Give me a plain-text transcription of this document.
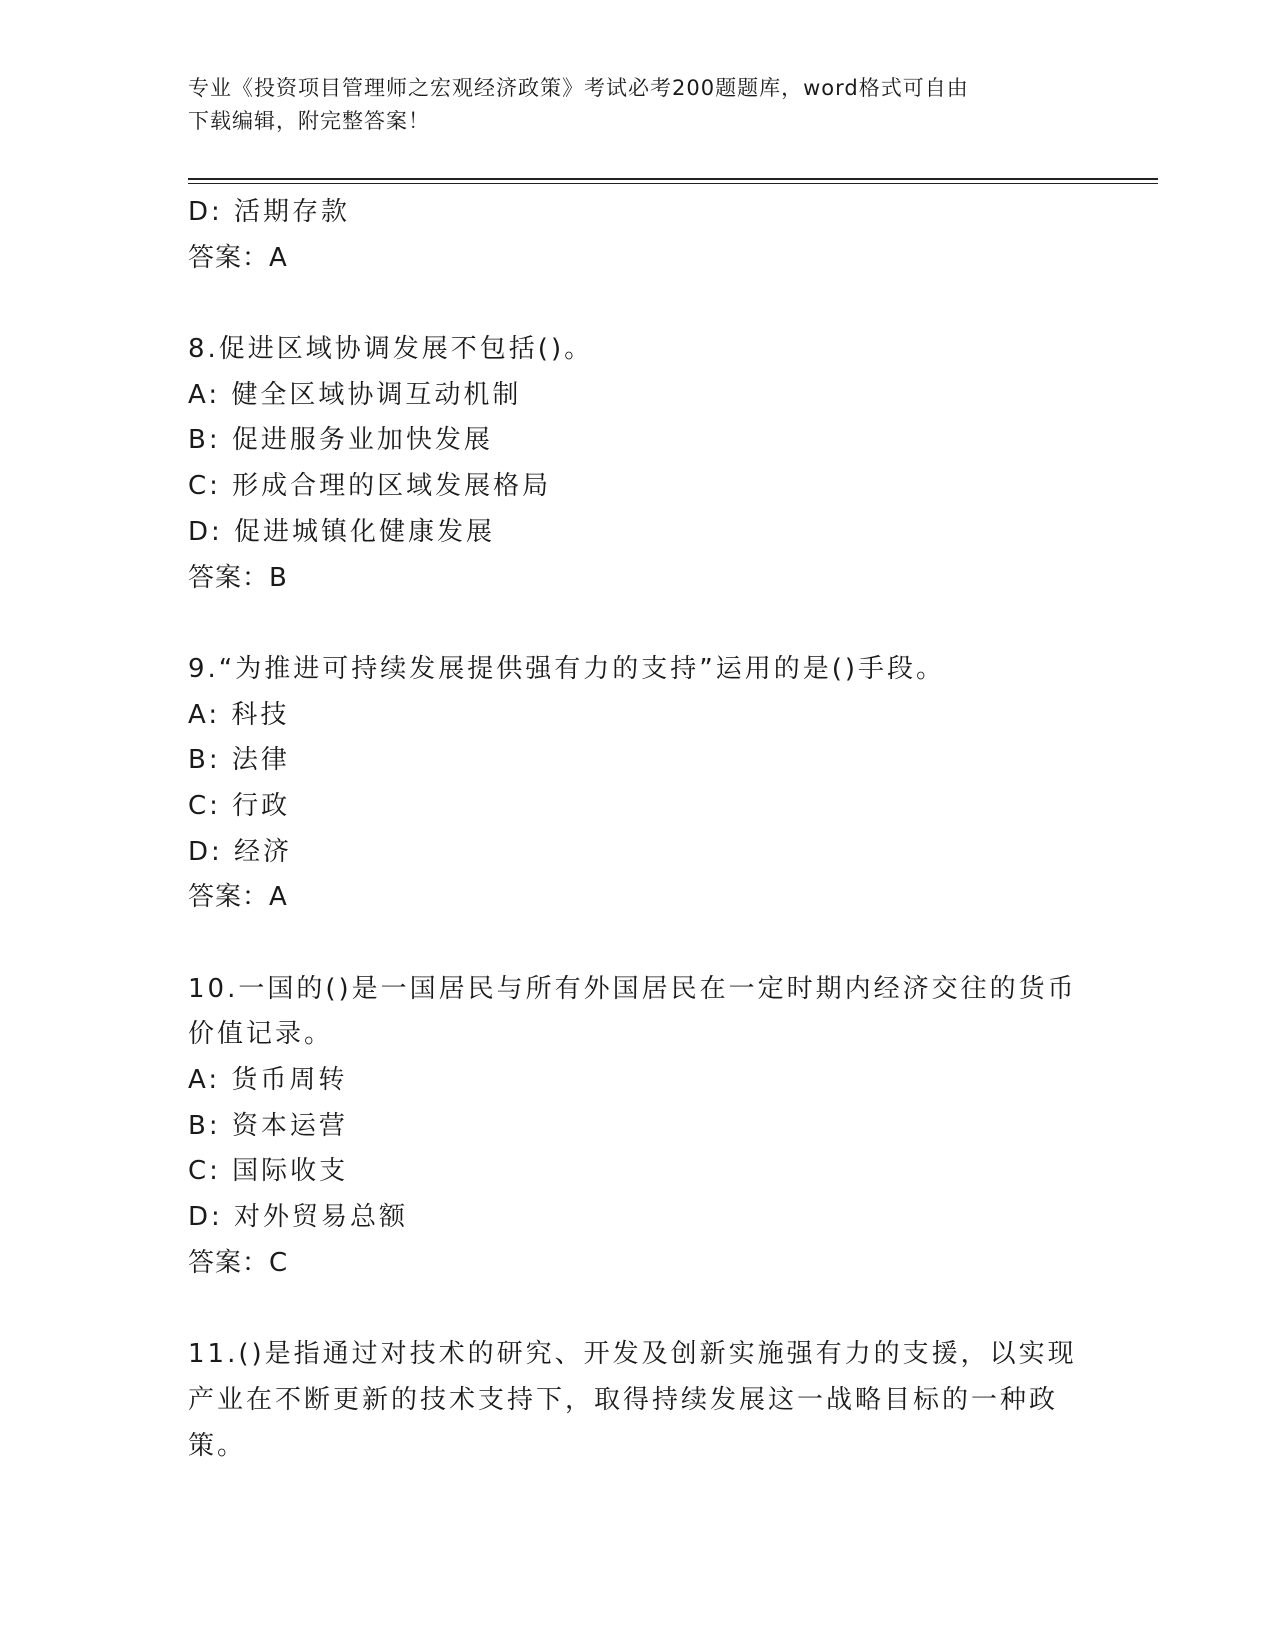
专业《投资项目管理师之宏观经济政策》考试必考200题题库，word格式可自由
下载编辑，附完整答案！
D: 活期存款
答案：A
8.促进区域协调发展不包括()。
A: 健全区域协调互动机制
B: 促进服务业加快发展
C: 形成合理的区域发展格局
D: 促进城镇化健康发展
答案：B
9.“为推进可持续发展提供强有力的支持”运用的是()手段。
A: 科技
B: 法律
C: 行政
D: 经济
答案：A
10.一国的()是一国居民与所有外国居民在一定时期内经济交往的货币
价值记录。
A: 货币周转
B: 资本运营
C: 国际收支
D: 对外贸易总额
答案：C
11.()是指通过对技术的研究、开发及创新实施强有力的支援，以实现
产业在不断更新的技术支持下，取得持续发展这一战略目标的一种政
策。
